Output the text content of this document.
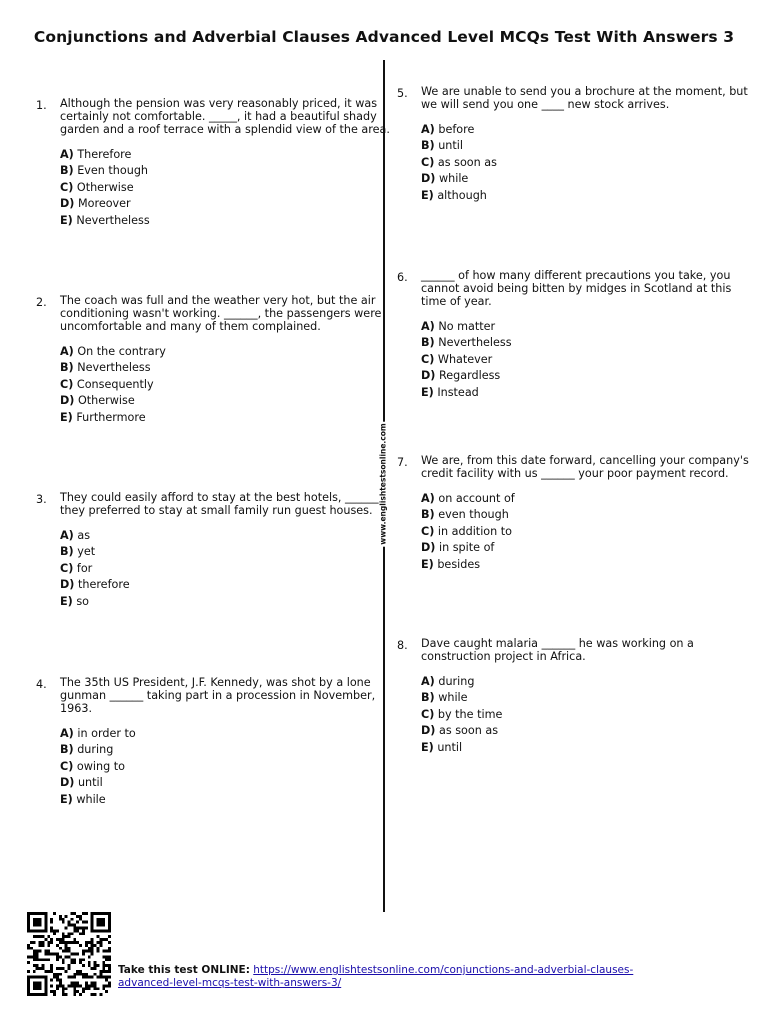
Conjunctions and Adverbial Clauses Advanced Level MCQs Test With Answers 3
www.englishtestsonline.com
1. Although the pension was very reasonably priced, it was certainly not comfortable. _____, it had a beautiful shady garden and a roof terrace with a splendid view of the area.

A) Therefore
B) Even though
C) Otherwise
D) Moreover
E) Nevertheless
2. The coach was full and the weather very hot, but the air conditioning wasn't working. ______, the passengers were uncomfortable and many of them complained.

A) On the contrary
B) Nevertheless
C) Consequently
D) Otherwise
E) Furthermore
3. They could easily afford to stay at the best hotels, ______ they preferred to stay at small family run guest houses.

A) as
B) yet
C) for
D) therefore
E) so
4. The 35th US President, J.F. Kennedy, was shot by a lone gunman ______ taking part in a procession in November, 1963.

A) in order to
B) during
C) owing to
D) until
E) while
5. We are unable to send you a brochure at the moment, but we will send you one ____ new stock arrives.

A) before
B) until
C) as soon as
D) while
E) although
6. ______ of how many different precautions you take, you cannot avoid being bitten by midges in Scotland at this time of year.

A) No matter
B) Nevertheless
C) Whatever
D) Regardless
E) Instead
7. We are, from this date forward, cancelling your company's credit facility with us ______ your poor payment record.

A) on account of
B) even though
C) in addition to
D) in spite of
E) besides
8. Dave caught malaria ______ he was working on a construction project in Africa.

A) during
B) while
C) by the time
D) as soon as
E) until
Take this test ONLINE: https://www.englishtestsonline.com/conjunctions-and-adverbial-clauses-advanced-level-mcqs-test-with-answers-3/
